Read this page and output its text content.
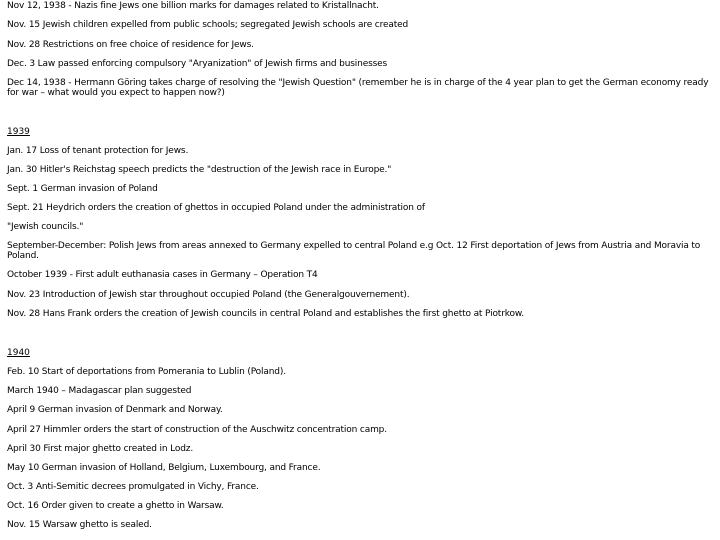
Nov 12, 1938 - Nazis fine Jews one billion marks for damages related to Kristallnacht.
Nov. 15 Jewish children expelled from public schools; segregated Jewish schools are created
Nov. 28 Restrictions on free choice of residence for Jews.
Dec. 3 Law passed enforcing compulsory "Aryanization" of Jewish firms and businesses
Dec 14, 1938 - Hermann Göring takes charge of resolving the "Jewish Question" (remember he is in charge of the 4 year plan to get the German economy ready for war – what would you expect to happen now?)
1939
Jan. 17 Loss of tenant protection for Jews.
Jan. 30 Hitler's Reichstag speech predicts the "destruction of the Jewish race in Europe."
Sept. 1 German invasion of Poland
Sept. 21 Heydrich orders the creation of ghettos in occupied Poland under the administration of
"Jewish councils."
September-December: Polish Jews from areas annexed to Germany expelled to central Poland e.g Oct. 12 First deportation of Jews from Austria and Moravia to Poland.
October 1939 - First adult euthanasia cases in Germany – Operation T4
Nov. 23 Introduction of Jewish star throughout occupied Poland (the Generalgouvernement).
Nov. 28 Hans Frank orders the creation of Jewish councils in central Poland and establishes the first ghetto at Piotrkow.
1940
Feb. 10 Start of deportations from Pomerania to Lublin (Poland).
March 1940 – Madagascar plan suggested
April 9 German invasion of Denmark and Norway.
April 27 Himmler orders the start of construction of the Auschwitz concentration camp.
April 30 First major ghetto created in Lodz.
May 10 German invasion of Holland, Belgium, Luxembourg, and France.
Oct. 3 Anti-Semitic decrees promulgated in Vichy, France.
Oct. 16 Order given to create a ghetto in Warsaw.
Nov. 15 Warsaw ghetto is sealed.
